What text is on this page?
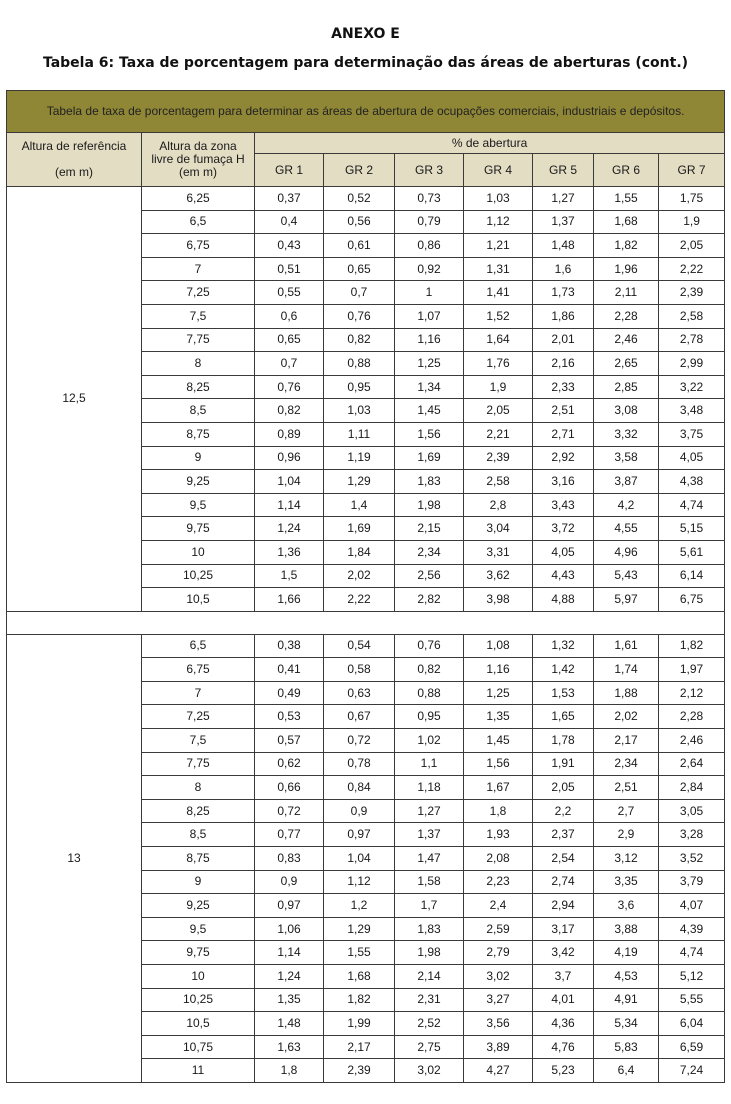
ANEXO E
Tabela 6: Taxa de porcentagem para determinação das áreas de aberturas (cont.)
Tabela de taxa de porcentagem para determinar as áreas de abertura de ocupações comerciais, industriais e depósitos.								
Altura de referência

(em m)	Altura da zona
livre de fumaça H
(em m)	% de abertura						
		GR 1	GR 2	GR 3	GR 4	GR 5	GR 6	GR 7
12,5	6,25	0,37	0,52	0,73	1,03	1,27	1,55	1,75
	6,5	0,4	0,56	0,79	1,12	1,37	1,68	1,9
	6,75	0,43	0,61	0,86	1,21	1,48	1,82	2,05
	7	0,51	0,65	0,92	1,31	1,6	1,96	2,22
	7,25	0,55	0,7	1	1,41	1,73	2,11	2,39
	7,5	0,6	0,76	1,07	1,52	1,86	2,28	2,58
	7,75	0,65	0,82	1,16	1,64	2,01	2,46	2,78
	8	0,7	0,88	1,25	1,76	2,16	2,65	2,99
	8,25	0,76	0,95	1,34	1,9	2,33	2,85	3,22
	8,5	0,82	1,03	1,45	2,05	2,51	3,08	3,48
	8,75	0,89	1,11	1,56	2,21	2,71	3,32	3,75
	9	0,96	1,19	1,69	2,39	2,92	3,58	4,05
	9,25	1,04	1,29	1,83	2,58	3,16	3,87	4,38
	9,5	1,14	1,4	1,98	2,8	3,43	4,2	4,74
	9,75	1,24	1,69	2,15	3,04	3,72	4,55	5,15
	10	1,36	1,84	2,34	3,31	4,05	4,96	5,61
	10,25	1,5	2,02	2,56	3,62	4,43	5,43	6,14
	10,5	1,66	2,22	2,82	3,98	4,88	5,97	6,75

13	6,5	0,38	0,54	0,76	1,08	1,32	1,61	1,82
	6,75	0,41	0,58	0,82	1,16	1,42	1,74	1,97
	7	0,49	0,63	0,88	1,25	1,53	1,88	2,12
	7,25	0,53	0,67	0,95	1,35	1,65	2,02	2,28
	7,5	0,57	0,72	1,02	1,45	1,78	2,17	2,46
	7,75	0,62	0,78	1,1	1,56	1,91	2,34	2,64
	8	0,66	0,84	1,18	1,67	2,05	2,51	2,84
	8,25	0,72	0,9	1,27	1,8	2,2	2,7	3,05
	8,5	0,77	0,97	1,37	1,93	2,37	2,9	3,28
	8,75	0,83	1,04	1,47	2,08	2,54	3,12	3,52
	9	0,9	1,12	1,58	2,23	2,74	3,35	3,79
	9,25	0,97	1,2	1,7	2,4	2,94	3,6	4,07
	9,5	1,06	1,29	1,83	2,59	3,17	3,88	4,39
	9,75	1,14	1,55	1,98	2,79	3,42	4,19	4,74
	10	1,24	1,68	2,14	3,02	3,7	4,53	5,12
	10,25	1,35	1,82	2,31	3,27	4,01	4,91	5,55
	10,5	1,48	1,99	2,52	3,56	4,36	5,34	6,04
	10,75	1,63	2,17	2,75	3,89	4,76	5,83	6,59
	11	1,8	2,39	3,02	4,27	5,23	6,4	7,24
